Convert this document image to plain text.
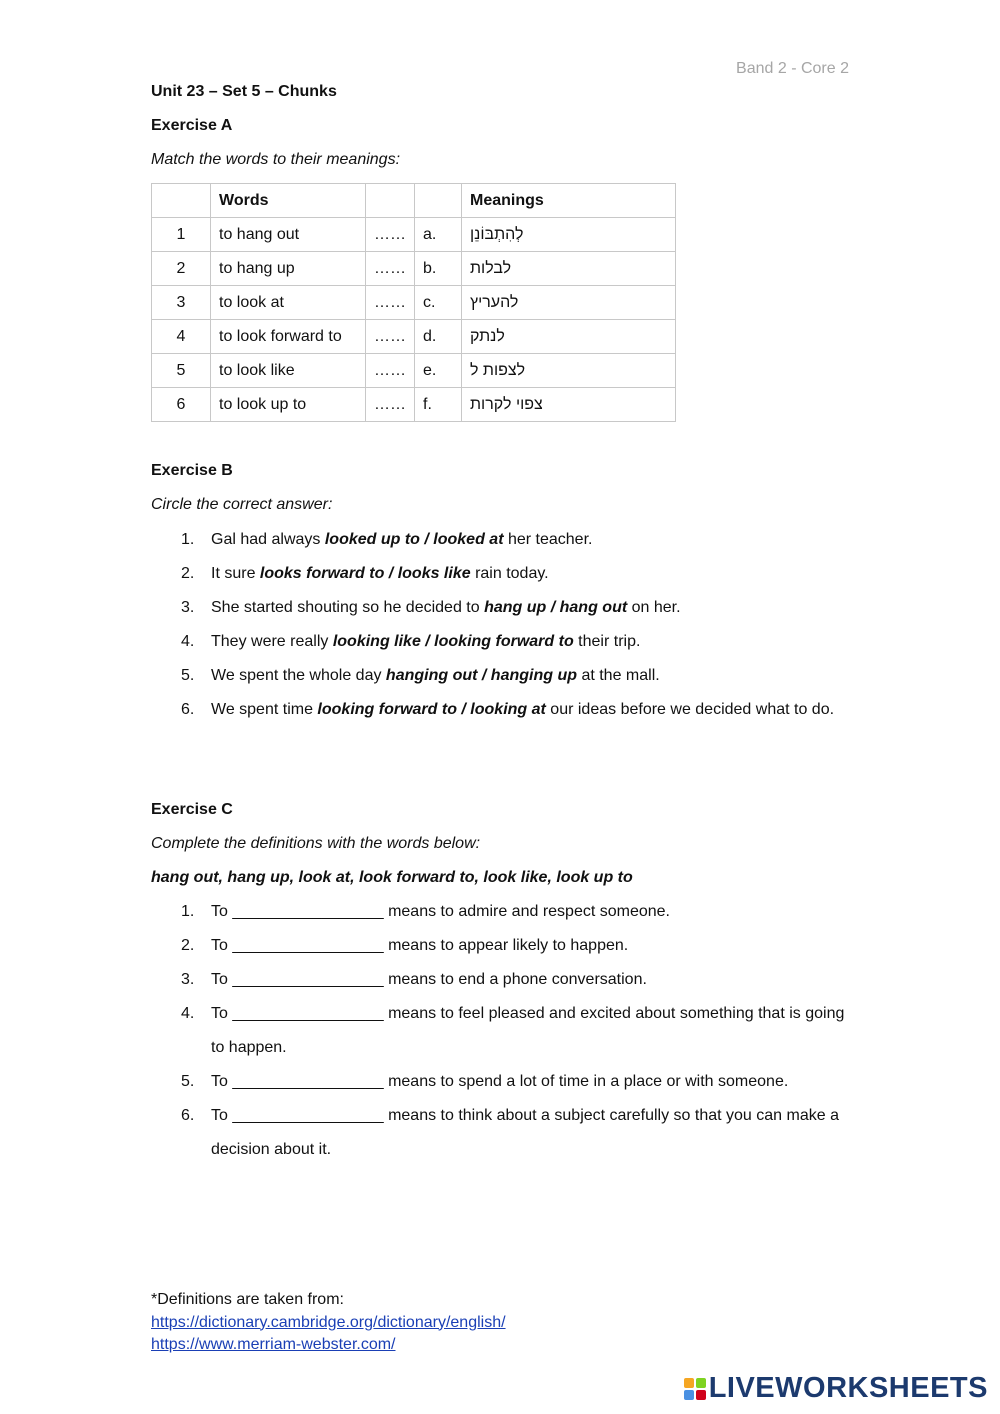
Band 2 - Core 2
Unit 23 – Set 5 – Chunks
Exercise A
Match the words to their meanings:
	Words			Meanings
1	to hang out	……	a.	לְהִתְבּוֹנֵן
2	to hang up	……	b.	לבלות
3	to look at	……	c.	להעריץ
4	to look forward to	……	d.	לנתק
5	to look like	……	e.	לצפות ל
6	to look up to	……	f.	צפוי לקרות
Exercise B
Circle the correct answer:
1. Gal had always looked up to / looked at her teacher.
2. It sure looks forward to / looks like rain today.
3. She started shouting so he decided to hang up / hang out on her.
4. They were really looking like / looking forward to their trip.
5. We spent the whole day hanging out / hanging up at the mall.
6. We spent time looking forward to / looking at our ideas before we decided what to do.
Exercise C
Complete the definitions with the words below:
hang out, hang up, look at, look forward to, look like, look up to
1. To _________________ means to admire and respect someone.
2. To _________________ means to appear likely to happen.
3. To _________________ means to end a phone conversation.
4. To _________________ means to feel pleased and excited about something that is going to happen.
5. To _________________ means to spend a lot of time in a place or with someone.
6. To _________________ means to think about a subject carefully so that you can make a decision about it.
*Definitions are taken from:
https://dictionary.cambridge.org/dictionary/english/
https://www.merriam-webster.com/
LIVEWORKSHEETS
